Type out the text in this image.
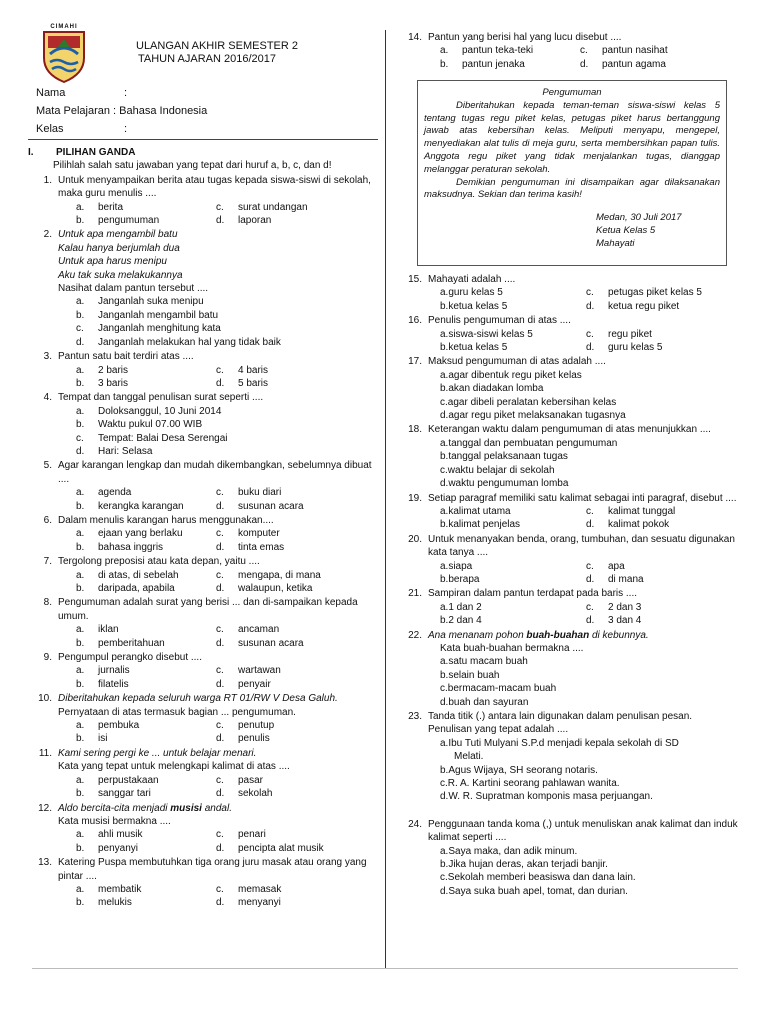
CIMAHI
ULANGAN AKHIR SEMESTER 2
TAHUN AJARAN 2016/2017
Nama	:
Mata Pelajaran : Bahasa Indonesia
Kelas	:
I.	PILIHAN GANDA
Pilihlah salah satu jawaban yang tepat dari huruf a, b, c, dan d!
1. Untuk menyampaikan berita atau tugas kepada siswa-siswi di sekolah, maka guru menulis ....
a.	berita	c.	surat undangan
b.	pengumuman	d.	laporan
2. Untuk apa mengambil batu
Kalau hanya berjumlah dua
Untuk apa harus menipu
Aku tak suka melakukannya
Nasihat dalam pantun tersebut ....
a.	Janganlah suka menipu
b.	Janganlah mengambil batu
c.	Janganlah menghitung kata
d.	Janganlah melakukan hal yang tidak baik
3. Pantun satu bait terdiri atas ....
a.	2 baris	c.	4 baris
b.	3 baris	d.	5 baris
4. Tempat dan tanggal penulisan surat seperti ....
a.	Doloksanggul, 10 Juni 2014
b.	Waktu pukul 07.00 WIB
c.	Tempat: Balai Desa Serengai
d.	Hari: Selasa
5. Agar karangan lengkap dan mudah dikembangkan, sebelumnya dibuat ....
a.	agenda	c.	buku diari
b.	kerangka karangan	d.	susunan acara
6. Dalam menulis karangan harus menggunakan....
a.	ejaan yang berlaku	c.	komputer
b.	bahasa inggris	d.	tinta emas
7. Tergolong preposisi atau kata depan, yaitu ....
a.	di atas, di sebelah	c.	mengapa, di mana
b.	daripada, apabila	d.	walaupun, ketika
8. Pengumuman adalah surat yang berisi ... dan di-sampaikan kepada umum.
a.	iklan	c.	ancaman
b.	pemberitahuan	d.	susunan acara
9. Pengumpul perangko disebut ....
a.	jurnalis	c.	wartawan
b.	filatelis	d.	penyair
10. Diberitahukan kepada seluruh warga RT 01/RW V Desa Galuh.
Pernyataan di atas termasuk bagian ... pengumuman.
a.	pembuka	c.	penutup
b.	isi	d.	penulis
11. Kami sering pergi ke ... untuk belajar menari.
Kata yang tepat untuk melengkapi kalimat di atas ....
a.	perpustakaan	c.	pasar
b.	sanggar tari	d.	sekolah
12. Aldo bercita-cita menjadi musisi andal.
Kata musisi bermakna ....
a.	ahli musik	c.	penari
b.	penyanyi	d.	pencipta alat musik
13. Katering Puspa membutuhkan tiga orang juru masak atau orang yang pintar ....
a.	membatik	c.	memasak
b.	melukis	d.	menyanyi
14. Pantun yang berisi hal yang lucu disebut ....
a.	pantun teka-teki	c.	pantun nasihat
b.	pantun jenaka	d.	pantun agama
Pengumuman

Diberitahukan kepada teman-teman siswa-siswi kelas 5 tentang tugas regu piket kelas, petugas piket harus bertanggung jawab atas kebersihan kelas. Meliputi menyapu, mengepel, menyediakan alat tulis di meja guru, serta membersihkan papan tulis. Anggota regu piket yang tidak menjalankan tugas, dianggap melanggar peraturan sekolah.

Demikian pengumuman ini disampaikan agar dilaksanakan maksudnya. Sekian dan terima kasih!

Medan, 30 Juli 2017
Ketua Kelas 5
Mahayati
15. Mahayati adalah ....
a.guru kelas 5	c.	petugas piket kelas 5
b.ketua kelas 5	d.	ketua regu piket
16. Penulis pengumuman di atas ....
a.siswa-siswi kelas 5	c.	regu piket
b.ketua kelas 5	d.	guru kelas 5
17. Maksud pengumuman di atas adalah ....
a.agar dibentuk regu piket kelas
b.akan diadakan lomba
c.agar dibeli peralatan kebersihan kelas
d.agar regu piket melaksanakan tugasnya
18. Keterangan waktu dalam pengumuman di atas menunjukkan ....
a.tanggal dan pembuatan pengumuman
b.tanggal pelaksanaan tugas
c.waktu belajar di sekolah
d.waktu pengumuman lomba
19. Setiap paragraf memiliki satu kalimat sebagai inti paragraf, disebut ....
a.kalimat utama	c.	kalimat tunggal
b.kalimat penjelas	d.	kalimat pokok
20. Untuk menanyakan benda, orang, tumbuhan, dan sesuatu digunakan kata tanya ....
a.siapa	c.	apa
b.berapa	d.	di mana
21. Sampiran dalam pantun terdapat pada baris ....
a.1 dan 2	c.	2 dan 3
b.2 dan 4	d.	3 dan 4
22. Ana menanam pohon buah-buahan di kebunnya.
Kata buah-buahan bermakna ....
a.satu macam buah
b.selain buah
c.bermacam-macam buah
d.buah dan sayuran
23. Tanda titik (.) antara lain digunakan dalam penulisan pesan. Penulisan yang tepat adalah ....
a.Ibu Tuti Mulyani S.P.d menjadi kepala sekolah di SD
Melati.
b.Agus Wijaya, SH seorang notaris.
c.R. A. Kartini seorang pahlawan wanita.
d.W. R. Supratman komponis masa perjuangan.
24. Penggunaan tanda koma (,) untuk menuliskan anak kalimat dan induk kalimat seperti ....
a.Saya maka, dan adik minum.
b.Jika hujan deras, akan terjadi banjir.
c.Sekolah memberi beasiswa dan dana lain.
d.Saya suka buah apel, tomat, dan durian.
